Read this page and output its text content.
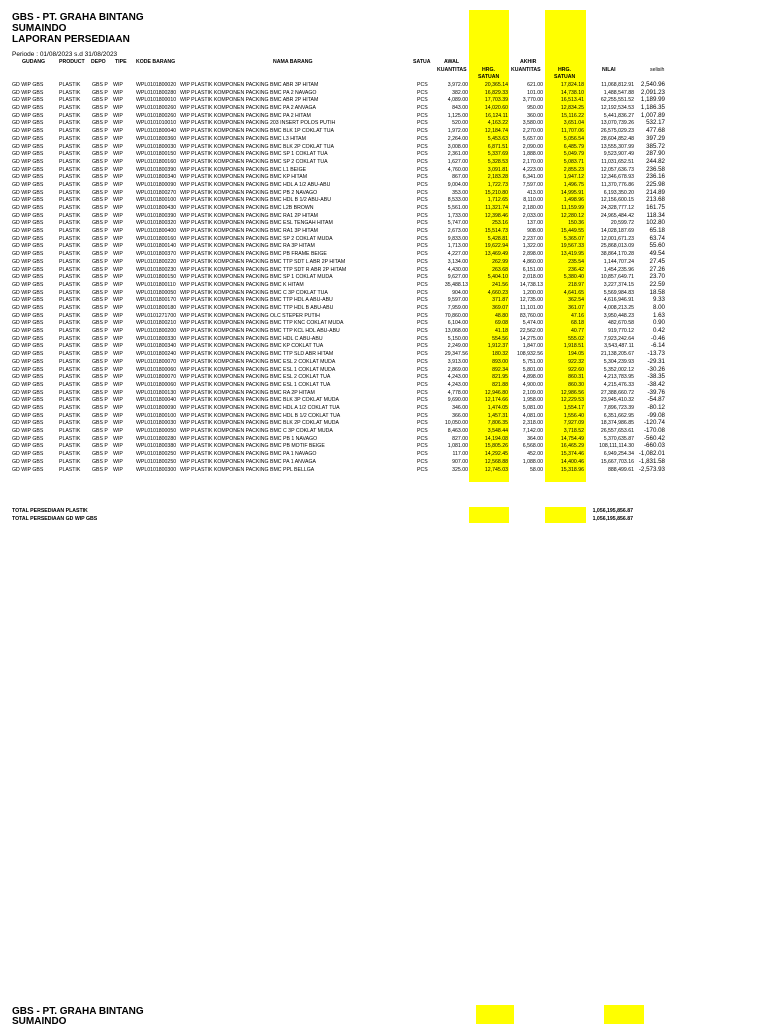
GBS - PT. GRAHA BINTANG
SUMAINDO
LAPORAN PERSEDIAAN
Periode : 01/08/2023 s.d 31/08/2023
GUDANG	PRODUCT DEPO TIPE KODE BARANG	NAMA BARANG	SATUA	AWAL
KUANTITAS	HRG.
SATUAN
AKHIR
KUANTITAS	HRG.
SATUAN
NILAI	selisih
GD WIP GBS	PLASTIK	GBS P WIP	WPL0101800020 WIP PLASTIK KOMPONEN PACKING BMC ABR 3P HITAM	PCS	3,972.00	20,365.14	621.00	17,824.18	11,068,812.91	2,540.96
GD WIP GBS	PLASTIK	GBS P WIP	WPL0101800280 WIP PLASTIK KOMPONEN PACKING BMC PA 2 NAVAGO	PCS	382.00	16,829.33	101.00	14,738.10	1,488,547.88	2,091.23
GD WIP GBS	PLASTIK	GBS P WIP	WPL0101800010 WIP PLASTIK KOMPONEN PACKING BMC ABR 2P HITAM	PCS	4,089.00	17,703.39	3,770.00	16,513.41	62,255,551.52	1,189.99
GD WIP GBS	PLASTIK	GBS P WIP	WPL0101800260 WIP PLASTIK KOMPONEN PACKING BMC PA 2 ANVAGA	PCS	843.00	14,020.60	950.00	12,834.25	12,192,534.53	1,186.35
GD WIP GBS	PLASTIK	GBS P WIP	WPL0101800260 WIP PLASTIK KOMPONEN PACKING BMC PA 2 HITAM	PCS	1,125.00	16,124.11	360.00	15,116.22	5,441,836.27	1,007.89
GD WIP GBS	PLASTIK	GBS P WIP	WPL0101010010 WIP PLASTIK KOMPONEN PACKING 203 INSERT POLOS PUTIH	PCS	520.00	4,163.22	3,580.00	3,651.04	13,070,739.26	532.17
GD WIP GBS	PLASTIK	GBS P WIP	WPL0101800040 WIP PLASTIK KOMPONEN PACKING BMC BLK 1P COKLAT TUA	PCS	1,972.00	12,184.74	2,270.00	11,707.06	26,575,029.23	477.68
GD WIP GBS	PLASTIK	GBS P WIP	WPL0101800360 WIP PLASTIK KOMPONEN PACKING BMC L3 HITAM	PCS	2,264.00	5,453.63	5,657.00	5,056.54	28,604,852.48	397.29
GD WIP GBS	PLASTIK	GBS P WIP	WPL0101800030 WIP PLASTIK KOMPONEN PACKING BMC BLK 2P COKLAT TUA	PCS	3,008.00	6,871.51	2,090.00	6,485.79	13,555,307.99	385.72
GD WIP GBS	PLASTIK	GBS P WIP	WPL0101800150 WIP PLASTIK KOMPONEN PACKING BMC SP 1 COKLAT TUA	PCS	2,361.00	5,337.69	1,888.00	5,049.79	9,523,907.49	287.90
GD WIP GBS	PLASTIK	GBS P WIP	WPL0101800160 WIP PLASTIK KOMPONEN PACKING BMC SP 2 COKLAT TUA	PCS	1,627.00	5,328.53	2,170.00	5,083.71	11,031,652.51	244.82
GD WIP GBS	PLASTIK	GBS P WIP	WPL0101800390 WIP PLASTIK KOMPONEN PACKING BMC L1 BEIGE	PCS	4,760.00	3,091.81	4,223.00	2,855.23	12,057,636.73	236.58
GD WIP GBS	PLASTIK	GBS P WIP	WPL0101800340 WIP PLASTIK KOMPONEN PACKING BMC KP HITAM	PCS	867.00	2,183.28	6,341.00	1,947.12	12,346,678.93	236.16
GD WIP GBS	PLASTIK	GBS P WIP	WPL0101800090 WIP PLASTIK KOMPONEN PACKING BMC HDL A 1/2 ABU-ABU	PCS	9,004.00	1,722.73	7,597.00	1,496.75	11,370,776.86	225.98
GD WIP GBS	PLASTIK	GBS P WIP	WPL0101800270 WIP PLASTIK KOMPONEN PACKING BMC PB 2 NAVAGO	PCS	353.00	15,210.80	413.00	14,995.91	6,193,350.20	214.89
GD WIP GBS	PLASTIK	GBS P WIP	WPL0101800100 WIP PLASTIK KOMPONEN PACKING BMC HDL B 1/2 ABU-ABU	PCS	8,533.00	1,712.65	8,110.00	1,498.96	12,156,600.15	213.68
GD WIP GBS	PLASTIK	GBS P WIP	WPL0101800430 WIP PLASTIK KOMPONEN PACKING BMC L2B BROWN	PCS	5,561.00	11,321.74	2,180.00	11,159.99	24,328,777.12	161.75
GD WIP GBS	PLASTIK	GBS P WIP	WPL0101800390 WIP PLASTIK KOMPONEN PACKING BMC RA1 2P HITAM	PCS	1,733.00	12,398.46	2,033.00	12,280.12	24,965,484.42	118.34
GD WIP GBS	PLASTIK	GBS P WIP	WPL0101800320 WIP PLASTIK KOMPONEN PACKING BMC ESL TENGAH HITAM	PCS	5,747.00	253.16	137.00	150.36	20,599.72	102.80
GD WIP GBS	PLASTIK	GBS P WIP	WPL0101800400 WIP PLASTIK KOMPONEN PACKING BMC RA1 3P HITAM	PCS	2,673.00	15,514.73	908.00	15,449.55	14,028,187.69	65.18
GD WIP GBS	PLASTIK	GBS P WIP	WPL0101800160 WIP PLASTIK KOMPONEN PACKING BMC SP 2 COKLAT MUDA	PCS	9,833.00	5,428.81	2,237.00	5,365.07	12,001,671.23	63.74
GD WIP GBS	PLASTIK	GBS P WIP	WPL0101800140 WIP PLASTIK KOMPONEN PACKING BMC RA 3P HITAM	PCS	1,713.00	19,622.94	1,322.00	19,567.33	25,868,013.09	55.60
GD WIP GBS	PLASTIK	GBS P WIP	WPL0101800370 WIP PLASTIK KOMPONEN PACKING BMC PB FRAME BEIGE	PCS	4,227.00	13,469.49	2,898.00	13,419.95	38,864,170.28	49.54
GD WIP GBS	PLASTIK	GBS P WIP	WPL0101800220 WIP PLASTIK KOMPONEN PACKING BMC TTP SDT L ABR 2P HITAM	PCS	3,134.00	262.99	4,860.00	235.54	1,144,707.24	27.45
GD WIP GBS	PLASTIK	GBS P WIP	WPL0101800230 WIP PLASTIK KOMPONEN PACKING BMC TTP SDT R ABR 2P HITAM	PCS	4,430.00	263.68	6,151.00	236.42	1,454,235.96	27.26
GD WIP GBS	PLASTIK	GBS P WIP	WPL0101800150 WIP PLASTIK KOMPONEN PACKING BMC SP 1 COKLAT MUDA	PCS	9,627.00	5,404.10	2,018.00	5,380.40	10,857,649.71	23.70
GD WIP GBS	PLASTIK	GBS P WIP	WPL0101800110 WIP PLASTIK KOMPONEN PACKING BMC K HITAM	PCS	35,488.13	241.56	14,738.13	218.97	3,227,374.15	22.59
GD WIP GBS	PLASTIK	GBS P WIP	WPL0101800050 WIP PLASTIK KOMPONEN PACKING BMC C 3P COKLAT TUA	PCS	904.00	4,660.23	1,200.00	4,641.65	5,569,984.83	18.58
GD WIP GBS	PLASTIK	GBS P WIP	WPL0101800170 WIP PLASTIK KOMPONEN PACKING BMC TTP HDL A ABU-ABU	PCS	9,597.00	371.87	12,735.00	362.54	4,616,946.91	9.33
GD WIP GBS	PLASTIK	GBS P WIP	WPL0101800180 WIP PLASTIK KOMPONEN PACKING BMC TTP HDL B ABU-ABU	PCS	7,959.00	369.07	11,101.00	361.07	4,008,213.25	8.00
GD WIP GBS	PLASTIK	GBS P WIP	WPL0101271700 WIP PLASTIK KOMPONEN PACKING OLC STEPER PUTIH	PCS	70,860.00	48.80	83,760.00	47.16	3,950,448.23	1.63
GD WIP GBS	PLASTIK	GBS P WIP	WPL0101800210 WIP PLASTIK KOMPONEN PACKING BMC TTP KNC COKLAT MUDA	PCS	6,104.00	69.08	5,474.00	68.18	482,670.58	0.90
GD WIP GBS	PLASTIK	GBS P WIP	WPL0101800200 WIP PLASTIK KOMPONEN PACKING BMC TTP KCL HDL ABU-ABU	PCS	13,068.00	41.18	22,562.00	40.77	919,770.12	0.42
GD WIP GBS	PLASTIK	GBS P WIP	WPL0101800330 WIP PLASTIK KOMPONEN PACKING BMC HDL C ABU-ABU	PCS	5,150.00	554.56	14,275.00	555.02	7,923,242.64	-0.46
GD WIP GBS	PLASTIK	GBS P WIP	WPL0101800340 WIP PLASTIK KOMPONEN PACKING BMC KP COKLAT TUA	PCS	2,249.00	1,912.37	1,847.00	1,918.51	3,543,487.11	-6.14
GD WIP GBS	PLASTIK	GBS P WIP	WPL0101800240 WIP PLASTIK KOMPONEN PACKING BMC TTP SLD ABR HITAM	PCS	29,347.56	180.32	108,932.56	194.05	21,138,205.67	-13.73
GD WIP GBS	PLASTIK	GBS P WIP	WPL0101800070 WIP PLASTIK KOMPONEN PACKING BMC ESL 2 COKLAT MUDA	PCS	3,913.00	893.00	5,751.00	922.32	5,304,239.93	-29.31
GD WIP GBS	PLASTIK	GBS P WIP	WPL0101800060 WIP PLASTIK KOMPONEN PACKING BMC ESL 1 COKLAT MUDA	PCS	2,869.00	892.34	5,801.00	922.60	5,352,002.12	-30.26
GD WIP GBS	PLASTIK	GBS P WIP	WPL0101800070 WIP PLASTIK KOMPONEN PACKING BMC ESL 2 COKLAT TUA	PCS	4,243.00	821.95	4,898.00	860.31	4,213,783.95	-38.35
GD WIP GBS	PLASTIK	GBS P WIP	WPL0101800060 WIP PLASTIK KOMPONEN PACKING BMC ESL 1 COKLAT TUA	PCS	4,243.00	821.88	4,900.00	860.30	4,215,476.33	-38.42
GD WIP GBS	PLASTIK	GBS P WIP	WPL0101800130 WIP PLASTIK KOMPONEN PACKING BMC RA 2P HITAM	PCS	4,778.00	12,946.80	2,109.00	12,986.56	27,388,660.72	-39.76
GD WIP GBS	PLASTIK	GBS P WIP	WPL0101800040 WIP PLASTIK KOMPONEN PACKING BMC BLK 3P COKLAT MUDA	PCS	9,690.00	12,174.66	1,958.00	12,229.53	23,945,410.32	-54.87
GD WIP GBS	PLASTIK	GBS P WIP	WPL0101800090 WIP PLASTIK KOMPONEN PACKING BMC HDL A 1/2 COKLAT TUA	PCS	346.00	1,474.05	5,081.00	1,554.17	7,896,723.39	-80.12
GD WIP GBS	PLASTIK	GBS P WIP	WPL0101800100 WIP PLASTIK KOMPONEN PACKING BMC HDL B 1/2 COKLAT TUA	PCS	366.00	1,457.31	4,081.00	1,556.40	6,351,662.95	-99.08
GD WIP GBS	PLASTIK	GBS P WIP	WPL0101800030 WIP PLASTIK KOMPONEN PACKING BMC BLK 2P COKLAT MUDA	PCS	10,050.00	7,806.35	2,318.00	7,927.09	18,374,986.85	-120.74
GD WIP GBS	PLASTIK	GBS P WIP	WPL0101800050 WIP PLASTIK KOMPONEN PACKING BMC C 3P COKLAT MUDA	PCS	8,463.00	3,548.44	7,142.00	3,718.52	26,557,653.61	-170.08
GD WIP GBS	PLASTIK	GBS P WIP	WPL0101800280 WIP PLASTIK KOMPONEN PACKING BMC PB 1 NAVAGO	PCS	827.00	14,194.08	364.00	14,754.49	5,370,635.87	-560.42
GD WIP GBS	PLASTIK	GBS P WIP	WPL0101800380 WIP PLASTIK KOMPONEN PACKING BMC PB MOTIF BEIGE	PCS	1,081.00	15,805.26	6,568.00	16,465.29	108,111,114.30	-660.03
GD WIP GBS	PLASTIK	GBS P WIP	WPL0101800250 WIP PLASTIK KOMPONEN PACKING BMC PA 1 NAVAGO	PCS	117.00	14,292.45	452.00	15,374.46	6,949,254.34 -1,082.01
GD WIP GBS	PLASTIK	GBS P WIP	WPL0101800250 WIP PLASTIK KOMPONEN PACKING BMC PA 1 ANVAGA	PCS	907.00	12,568.88	1,088.00	14,400.46	15,667,703.16 -1,831.58
GD WIP GBS	PLASTIK	GBS P WIP	WPL0101800300 WIP PLASTIK KOMPONEN PACKING BMC PPL BELLGA	PCS	325.00	12,745.03	58.00	15,318.96	888,499.61 -2,573.93
TOTAL PERSEDIAAN PLASTIK	1,056,195,856.87
TOTAL PERSEDIAAN GD WIP GBS	1,056,195,856.87
GBS - PT. GRAHA BINTANG
SUMAINDO
